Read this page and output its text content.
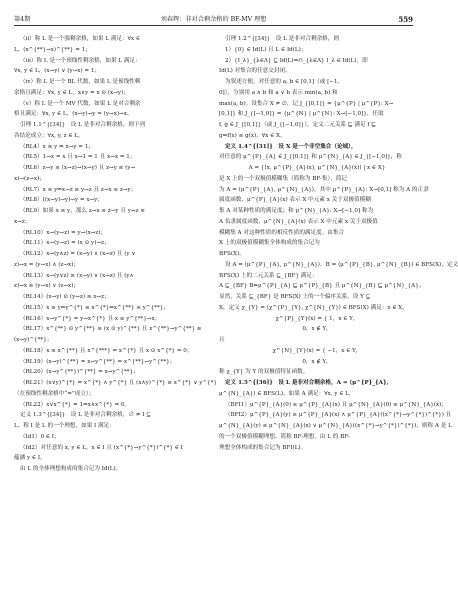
第4期	刘春辉：非对合剩余格的 BF-MV 理想	559
（ii）称 L 是一个强剩余格，如果 L 满足：∀x ∈
L，(x^{**}→x)^{**} = 1；
（iii）称 L 是一个预线性剩余格，如果 L 满足：
∀x, y ∈ L，(x→y) ∨ (y→x) = 1；
（iv）称 L 是一个 BL 代数，如果 L 是预线性剩
余格且满足：∀x, y ∈ L，x∧y = x ⊙ (x→y)；
（v）称 L 是一个 MV 代数，如果 L 是对合剩余
格且满足：∀x, y ∈ L，(x→y)→y = (y→x)→x。
引理 1.1^{[34]}　设 L 是非对合剩余格，则下列
各结论成立：∀x, y, z ∈ L，
（RL4）x ≤ y ⇔ x→y = 1；
（RL5）1→x = x 且 x→1 = 1 且 x→x = 1；
（RL6）z→y ≤ (x→z)→(x→y) 且 z→y ≤ (y→
x)→(z→x)；
（RL7）x ≤ y⇒x→z ≥ y→z 且 z→x ≤ z→y；
（RL8）((x→y)→y)→y = x→y；
（RL9）如果 x ≤ y，那么 z→x ≤ z→y 且 y→z ≤
x→z；
（RL10）x→(y→z) = y→(x→z)；
（RL11）x→(y→z) = (x ⊙ y)→z；
（RL12）x→(y∧z) = (x→y) ∧ (x→z) 且 (y ∨
z)→x = (y→x) ∧ (z→x)；
（RL13）x→(y∨z) ≥ (x→y) ∨ (x→z) 且 (y∧
z)→x ≥ (y→x) ∨ (z→x)；
（RL14）(x→y) ⊙ (y→z) ≤ x→z；
（RL15）x ≤ y⇒y^{*} ≤ x^{*}⇒x^{**} ≤ y^{**}；
（RL16）x→y^{*} = y→x^{*} 且 x ≤ y^{**}→x；
（RL17）x^{**} ⊙ y^{**} ≤ (x ⊙ y)^{**} 且 x^{**}→y^{**} ≥
(x→y)^{**}；
（RL18）x ≤ x^{**} 且 x^{***} = x^{*} 且 x ⊙ x^{*} = 0；
（RL19）(x→y)^{**} = x→y^{**} = x^{**}→y^{**}；
（RL20）(x→y^{**})^{**} = x→y^{**}；
（RL21）(x∨y)^{*} = x^{*} ∧ y^{*} 且 (x∧y)^{*} ≥ x^{*} ∨ y^{*}
（在预线性剩余格中“=”成立）；
（RL22）x∨x^{*} = 1⇔x∧x^{*} = 0。
定义 1.3^{[34]}　设 L 是非对合剩余格，∅ ≠ I ⊆
L。称 I 是 L 的一个理想，如果 I 满足：
（Id1）0 ∈ I；
（Id2）对任意的 x, y ∈ L，x ∈ I 且 (x^{*}→y^{*})^{*} ∈ I
蕴涵 y ∈ I。
由 L 的全体理想构成的集合记为 Id(L)。
引理 1.2^{[34]}　设 L 是非对合剩余格，则
1）{0} ∈ Id(L) 且 L ∈ Id(L)；
2）{I_λ}_{λ∈Λ} ⊆ Id(L)⇒∩_{λ∈Λ} I_λ ∈ Id(L)，即
Id(L) 对集合的任意交封闭。
为叙述方便，对任意的 a, b ∈ [0,1]（或 [−1,
0]），分别用 a ∧ b 和 a ∨ b 表示 min(a, b) 和
max(a, b)。设集合 X ≠ ∅，记 J_{[0,1]} = {μ^{P} | μ^{P}: X→
[0,1]} 和 J_{[−1,0]} = {μ^{N} | μ^{N}: X→[−1,0]}，任取
f, g ∈ J_{[0,1]}（或 J_{[−1,0]}），定义二元关系 ⊑ 满足 f ⊑
g⇔f(x) ≤ g(x)，∀x ∈ X。
定义 1.4^{[31]}　设 X 是一个非空集合（论域），
对任意的 μ^{P}_{A} ∈ J_{[0,1]} 和 μ^{N}_{A} ∈ J_{[−1,0]}，称
A = {⟨x, μ^{P}_{A}(x), μ^{N}_{A}(x)⟩ | x ∈ X}
是 X 上的一个双极值模糊集（简称为 BF-集），简记
为 A = ⟨μ^{P}_{A}, μ^{N}_{A}⟩。其中 μ^{P}_{A}: X→[0,1] 称为 A 的正隶
属度函数，μ^{P}_{A}(x) 表示 X 中元素 x 关于双极值模糊
集 A 对某种性质的满足度；和 μ^{N}_{A}: X→[−1,0] 称为
A 负隶属度函数，μ^{N}_{A}(x) 表示 X 中元素 x 关于双极值
模糊集 A 对这种性质的相反性质的满足度。由集合
X 上的双极值模糊集全体构成的集合记为
BFS(X)。
设 A = ⟨μ^{P}_{A}, μ^{N}_{A}⟩，B = ⟨μ^{P}_{B}, μ^{N}_{B}⟩ ∈ BFS(X)，定义
BFS(X) 上的二元关系 ⊆_{BF} 满足：
A ⊆_{BF} B⇔μ^{P}_{A} ⊑ μ^{P}_{B} 且 μ^{N}_{B} ⊑ μ^{N}_{A}。
显然，关系 ⊆_{BF} 是 BFS(X) 上的一个偏序关系。设 Y ⊆
X，定义 χ_{Y} = ⟨χ^{P}_{Y}, χ^{N}_{Y}⟩ ∈ BFS(X) 满足：x ∈ X，
χ^{P}_{Y}(x) = { 1，x ∈ Y，
0，x ∉ Y，
且
χ^{N}_{Y}(x) = { −1，x ∈ Y，
0，x ∉ Y，
称 χ_{Y} 为 Y 的双极值特征函数。
定义 1.5^{[36]}　设 L 是非对合剩余格，A = ⟨μ^{P}_{A},
μ^{N}_{A}⟩ ∈ BFS(L)。如果 A 满足：∀x, y ∈ L，
（BFI1）μ^{P}_{A}(0) ≥ μ^{P}_{A}(x) 且 μ^{N}_{A}(0) ≤ μ^{N}_{A}(x)；
（BFI2）μ^{P}_{A}(y) ≥ μ^{P}_{A}(x) ∧ μ^{P}_{A}((x^{*}→y^{*})^{*}) 且
μ^{N}_{A}(y) ≤ μ^{N}_{A}(x) ∨ μ^{N}_{A}((x^{*}→y^{*})^{*})，则称 A 是 L
的一个双极值模糊理想，简称 BF-理想。由 L 的 BF-
理想全体构成的集合记为 BFI(L)。
